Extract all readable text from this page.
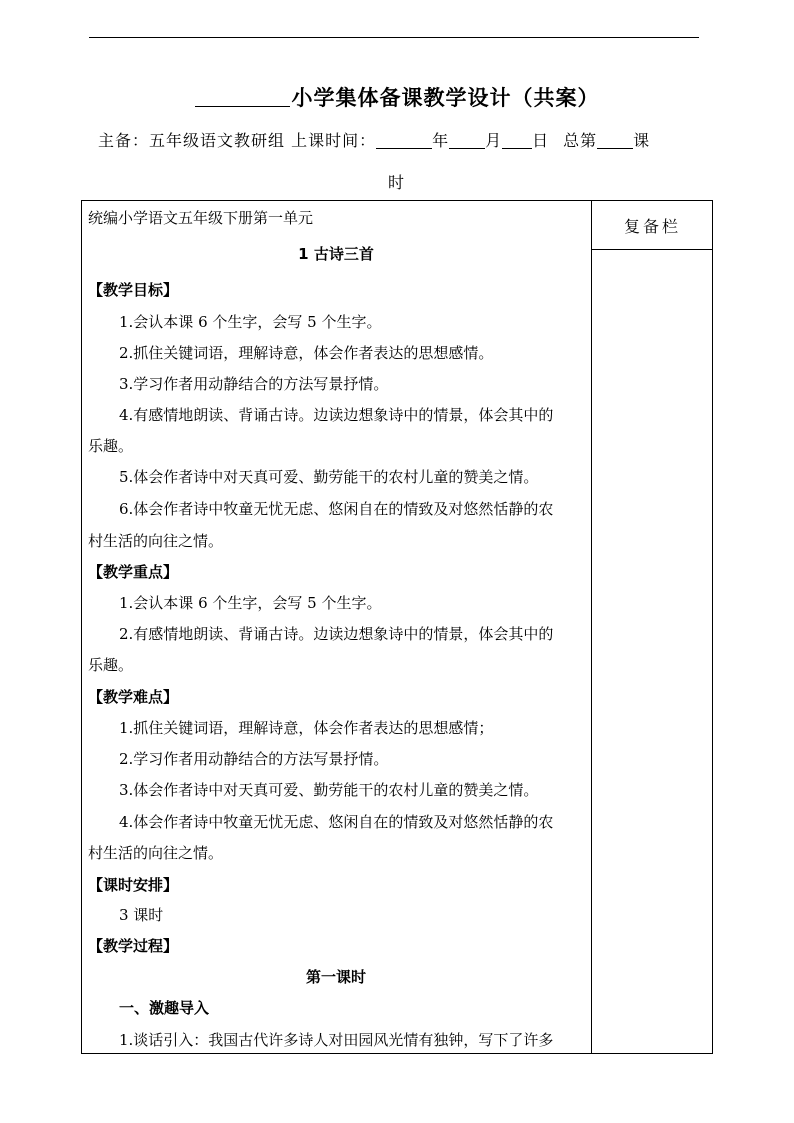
小学集体备课教学设计（共案）
主备：五年级语文教研组 上课时间：	年 月 日 总第 课
时
复备栏
统编小学语文五年级下册第一单元
1 古诗三首
【教学目标】
1.会认本课 6 个生字，会写 5 个生字。
2.抓住关键词语，理解诗意，体会作者表达的思想感情。
3.学习作者用动静结合的方法写景抒情。
4.有感情地朗读、背诵古诗。边读边想象诗中的情景，体会其中的
乐趣。
5.体会作者诗中对天真可爱、勤劳能干的农村儿童的赞美之情。
6.体会作者诗中牧童无忧无虑、悠闲自在的情致及对悠然恬静的农
村生活的向往之情。
【教学重点】
1.会认本课 6 个生字，会写 5 个生字。
2.有感情地朗读、背诵古诗。边读边想象诗中的情景，体会其中的
乐趣。
【教学难点】
1.抓住关键词语，理解诗意，体会作者表达的思想感情；
2.学习作者用动静结合的方法写景抒情。
3.体会作者诗中对天真可爱、勤劳能干的农村儿童的赞美之情。
4.体会作者诗中牧童无忧无虑、悠闲自在的情致及对悠然恬静的农
村生活的向往之情。
【课时安排】
3 课时
【教学过程】
第一课时
一、激趣导入
1.谈话引入：我国古代许多诗人对田园风光情有独钟，写下了许多
